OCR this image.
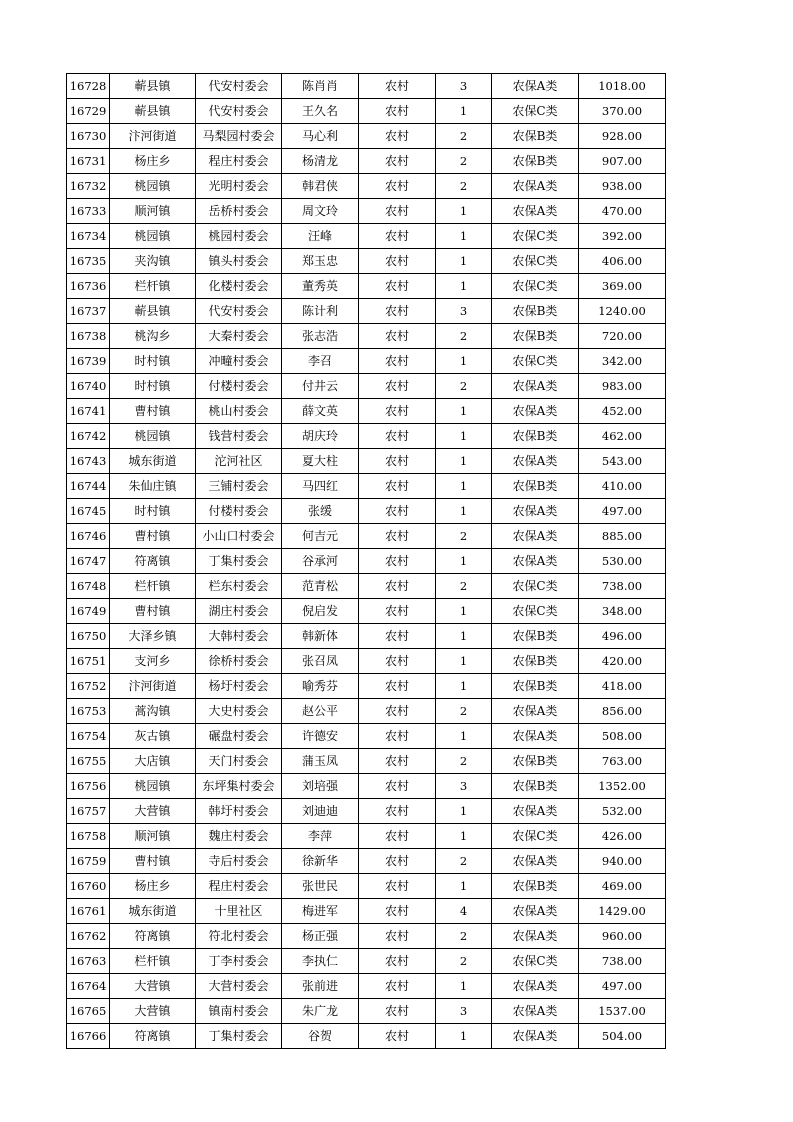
16728	蕲县镇	代安村委会	陈肖肖	农村	3	农保A类	1018.00
16729	蕲县镇	代安村委会	王久名	农村	1	农保C类	370.00
16730	汴河街道	马梨园村委会	马心利	农村	2	农保B类	928.00
16731	杨庄乡	程庄村委会	杨清龙	农村	2	农保B类	907.00
16732	桃园镇	光明村委会	韩君侠	农村	2	农保A类	938.00
16733	顺河镇	岳桥村委会	周文玲	农村	1	农保A类	470.00
16734	桃园镇	桃园村委会	汪峰	农村	1	农保C类	392.00
16735	夹沟镇	镇头村委会	郑玉忠	农村	1	农保C类	406.00
16736	栏杆镇	化楼村委会	董秀英	农村	1	农保C类	369.00
16737	蕲县镇	代安村委会	陈计利	农村	3	农保B类	1240.00
16738	桃沟乡	大秦村委会	张志浩	农村	2	农保B类	720.00
16739	时村镇	冲疃村委会	李召	农村	1	农保C类	342.00
16740	时村镇	付楼村委会	付井云	农村	2	农保A类	983.00
16741	曹村镇	桃山村委会	薛文英	农村	1	农保A类	452.00
16742	桃园镇	钱营村委会	胡庆玲	农村	1	农保B类	462.00
16743	城东街道	沱河社区	夏大柱	农村	1	农保A类	543.00
16744	朱仙庄镇	三铺村委会	马四红	农村	1	农保B类	410.00
16745	时村镇	付楼村委会	张缓	农村	1	农保A类	497.00
16746	曹村镇	小山口村委会	何吉元	农村	2	农保A类	885.00
16747	符离镇	丁集村委会	谷承河	农村	1	农保A类	530.00
16748	栏杆镇	栏东村委会	范青松	农村	2	农保C类	738.00
16749	曹村镇	湖庄村委会	倪启发	农村	1	农保C类	348.00
16750	大泽乡镇	大韩村委会	韩新体	农村	1	农保B类	496.00
16751	支河乡	徐桥村委会	张召凤	农村	1	农保B类	420.00
16752	汴河街道	杨圩村委会	喻秀芬	农村	1	农保B类	418.00
16753	蒿沟镇	大史村委会	赵公平	农村	2	农保A类	856.00
16754	灰古镇	碾盘村委会	许德安	农村	1	农保A类	508.00
16755	大店镇	天门村委会	蒲玉凤	农村	2	农保B类	763.00
16756	桃园镇	东坪集村委会	刘培强	农村	3	农保B类	1352.00
16757	大营镇	韩圩村委会	刘迪迪	农村	1	农保A类	532.00
16758	顺河镇	魏庄村委会	李萍	农村	1	农保C类	426.00
16759	曹村镇	寺后村委会	徐新华	农村	2	农保A类	940.00
16760	杨庄乡	程庄村委会	张世民	农村	1	农保B类	469.00
16761	城东街道	十里社区	梅进军	农村	4	农保A类	1429.00
16762	符离镇	符北村委会	杨正强	农村	2	农保A类	960.00
16763	栏杆镇	丁李村委会	李执仁	农村	2	农保C类	738.00
16764	大营镇	大营村委会	张前进	农村	1	农保A类	497.00
16765	大营镇	镇南村委会	朱广龙	农村	3	农保A类	1537.00
16766	符离镇	丁集村委会	谷贺	农村	1	农保A类	504.00
